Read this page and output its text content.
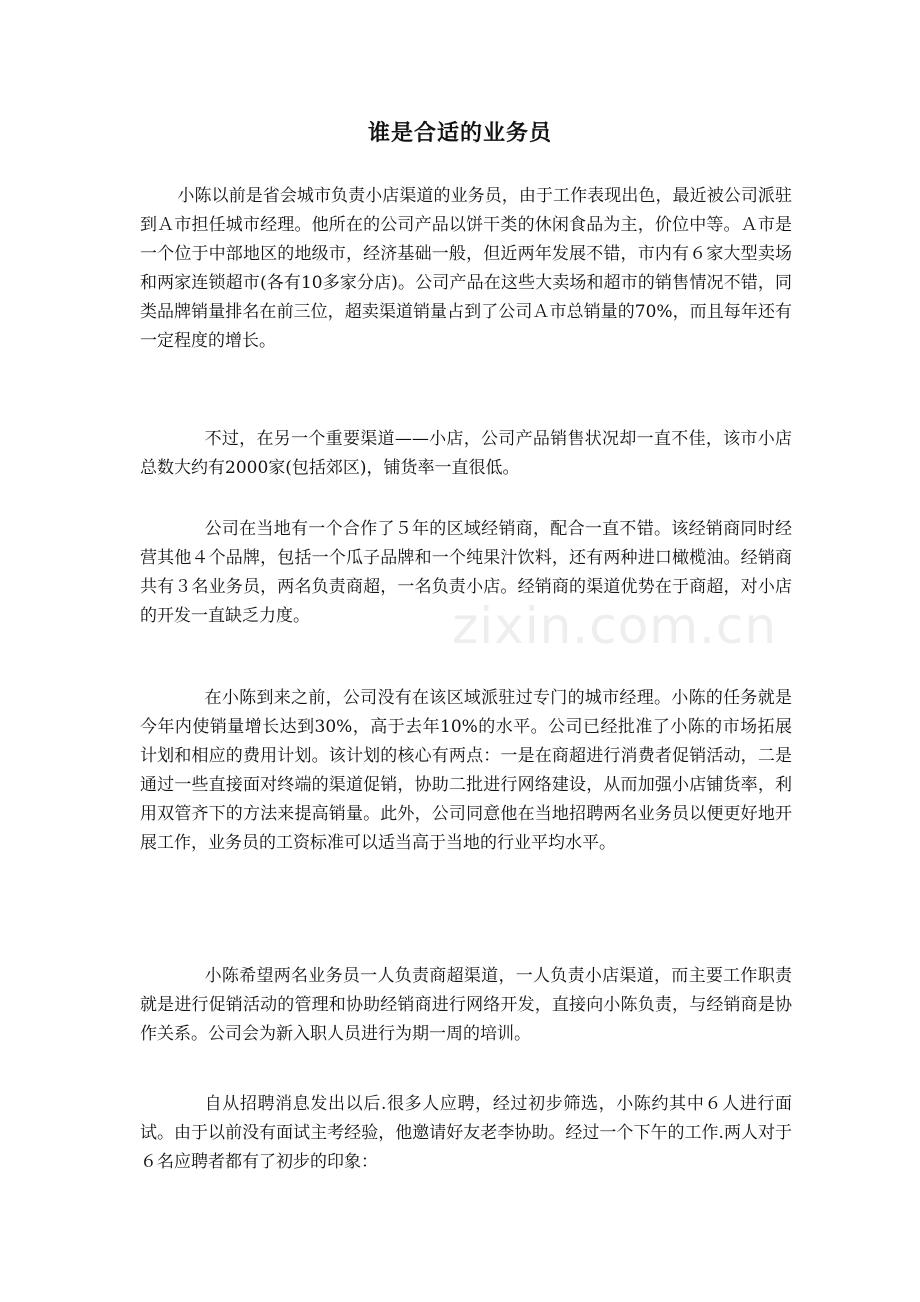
谁是合适的业务员

小陈以前是省会城市负责小店渠道的业务员，由于工作表现出色，最近被公司派驻到Ａ市担任城市经理。他所在的公司产品以饼干类的休闲食品为主，价位中等。Ａ市是一个位于中部地区的地级市，经济基础一般，但近两年发展不错，市内有６家大型卖场和两家连锁超市(各有10多家分店)。公司产品在这些大卖场和超市的销售情况不错，同类品牌销量排名在前三位，超卖渠道销量占到了公司Ａ市总销量的70%，而且每年还有一定程度的增长。

不过，在另一个重要渠道——小店，公司产品销售状况却一直不佳，该市小店总数大约有2000家(包括郊区)，铺货率一直很低。

公司在当地有一个合作了５年的区域经销商，配合一直不错。该经销商同时经营其他４个品牌，包括一个瓜子品牌和一个纯果汁饮料，还有两种进口橄榄油。经销商共有３名业务员，两名负责商超，一名负责小店。经销商的渠道优势在于商超，对小店的开发一直缺乏力度。

在小陈到来之前，公司没有在该区域派驻过专门的城市经理。小陈的任务就是今年内使销量增长达到30%，高于去年10%的水平。公司已经批准了小陈的市场拓展计划和相应的费用计划。该计划的核心有两点：一是在商超进行消费者促销活动，二是通过一些直接面对终端的渠道促销，协助二批进行网络建设，从而加强小店铺货率，利用双管齐下的方法来提高销量。此外，公司同意他在当地招聘两名业务员以便更好地开展工作，业务员的工资标准可以适当高于当地的行业平均水平。

小陈希望两名业务员一人负责商超渠道，一人负责小店渠道，而主要工作职责就是进行促销活动的管理和协助经销商进行网络开发，直接向小陈负责，与经销商是协作关系。公司会为新入职人员进行为期一周的培训。

自从招聘消息发出以后.很多人应聘，经过初步筛选，小陈约其中６人进行面试。由于以前没有面试主考经验，他邀请好友老李协助。经过一个下午的工作.两人对于６名应聘者都有了初步的印象：

zixin.com.cn
